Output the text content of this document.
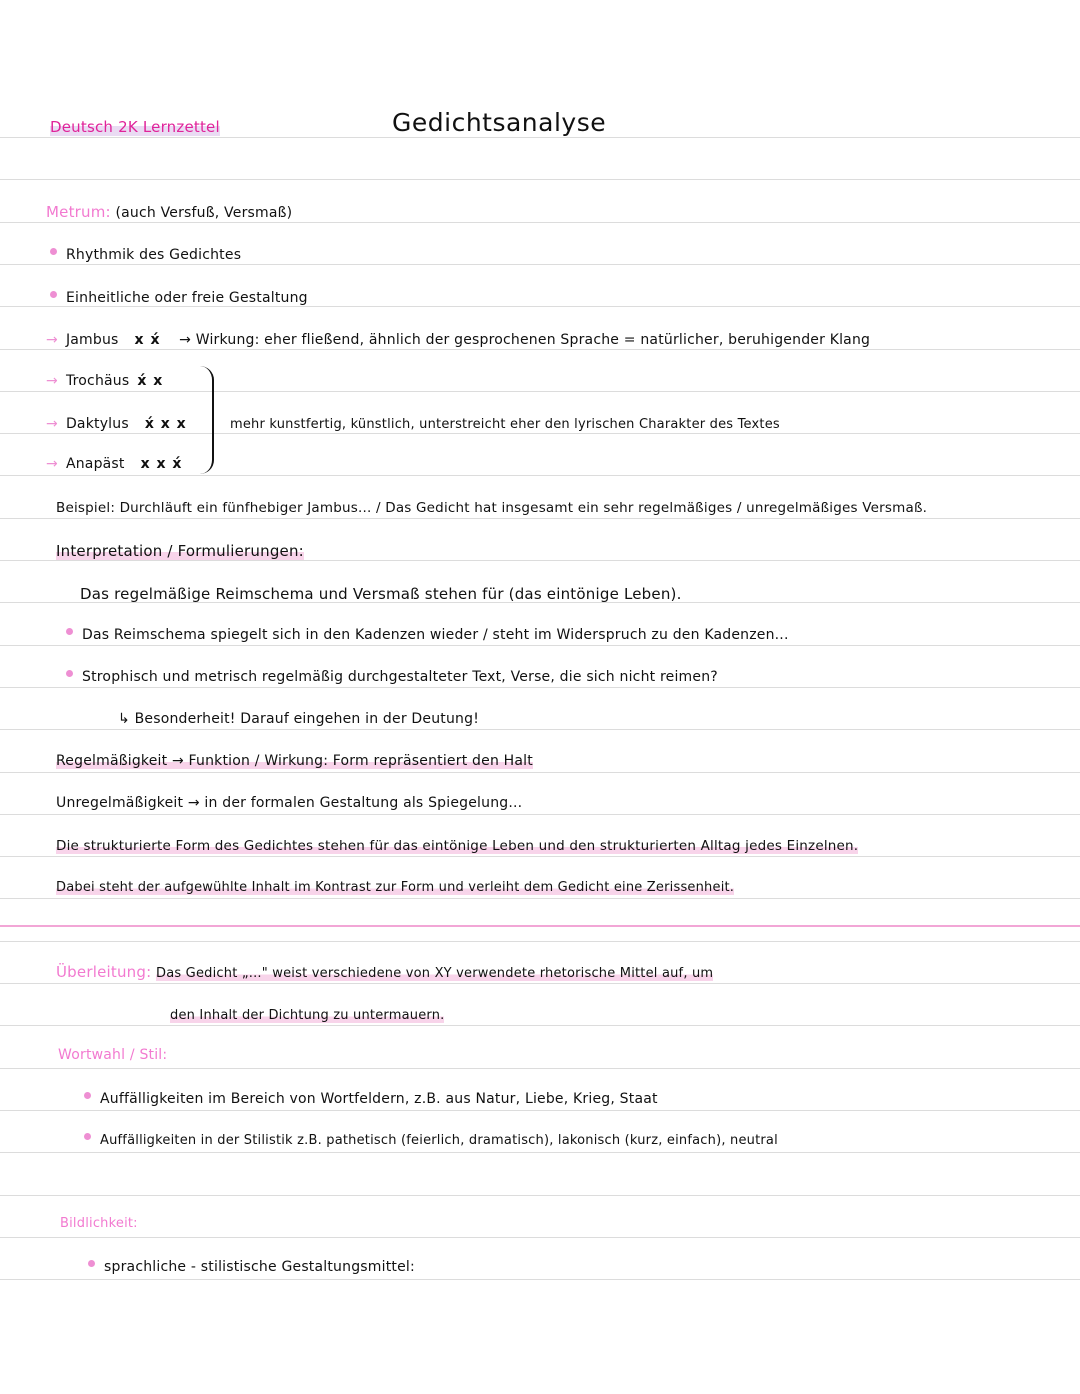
Deutsch 2K Lernzettel	Gedichtsanalyse
Metrum: (auch Versfuß, Versmaß)
Rhythmik des Gedichtes
Einheitliche oder freie Gestaltung
→ Jambus x x́ → Wirkung: eher fließend, ähnlich der gesprochenen Sprache = natürlicher, beruhigender Klang
→ Trochäus x́ x
→ Daktylus x́ x x
→ Anapäst x x x́
mehr kunstfertig, künstlich, unterstreicht eher den lyrischen Charakter des Textes
Beispiel: Durchläuft ein fünfhebiger Jambus... / Das Gedicht hat insgesamt ein sehr regelmäßiges / unregelmäßiges Versmaß.
Interpretation / Formulierungen:
Das regelmäßige Reimschema und Versmaß stehen für (das eintönige Leben).
Das Reimschema spiegelt sich in den Kadenzen wieder / steht im Widerspruch zu den Kadenzen...
Strophisch und metrisch regelmäßig durchgestalteter Text, Verse, die sich nicht reimen?
↳ Besonderheit! Darauf eingehen in der Deutung!
Regelmäßigkeit → Funktion / Wirkung: Form repräsentiert den Halt
Unregelmäßigkeit → in der formalen Gestaltung als Spiegelung...
Die strukturierte Form des Gedichtes stehen für das eintönige Leben und den strukturierten Alltag jedes Einzelnen.
Dabei steht der aufgewühlte Inhalt im Kontrast zur Form und verleiht dem Gedicht eine Zerissenheit.
Überleitung: Das Gedicht „..." weist verschiedene von XY verwendete rhetorische Mittel auf, um
den Inhalt der Dichtung zu untermauern.
Wortwahl / Stil:
Auffälligkeiten im Bereich von Wortfeldern, z.B. aus Natur, Liebe, Krieg, Staat
Auffälligkeiten in der Stilistik z.B. pathetisch (feierlich, dramatisch), lakonisch (kurz, einfach), neutral
Bildlichkeit:
sprachliche - stilistische Gestaltungsmittel:
